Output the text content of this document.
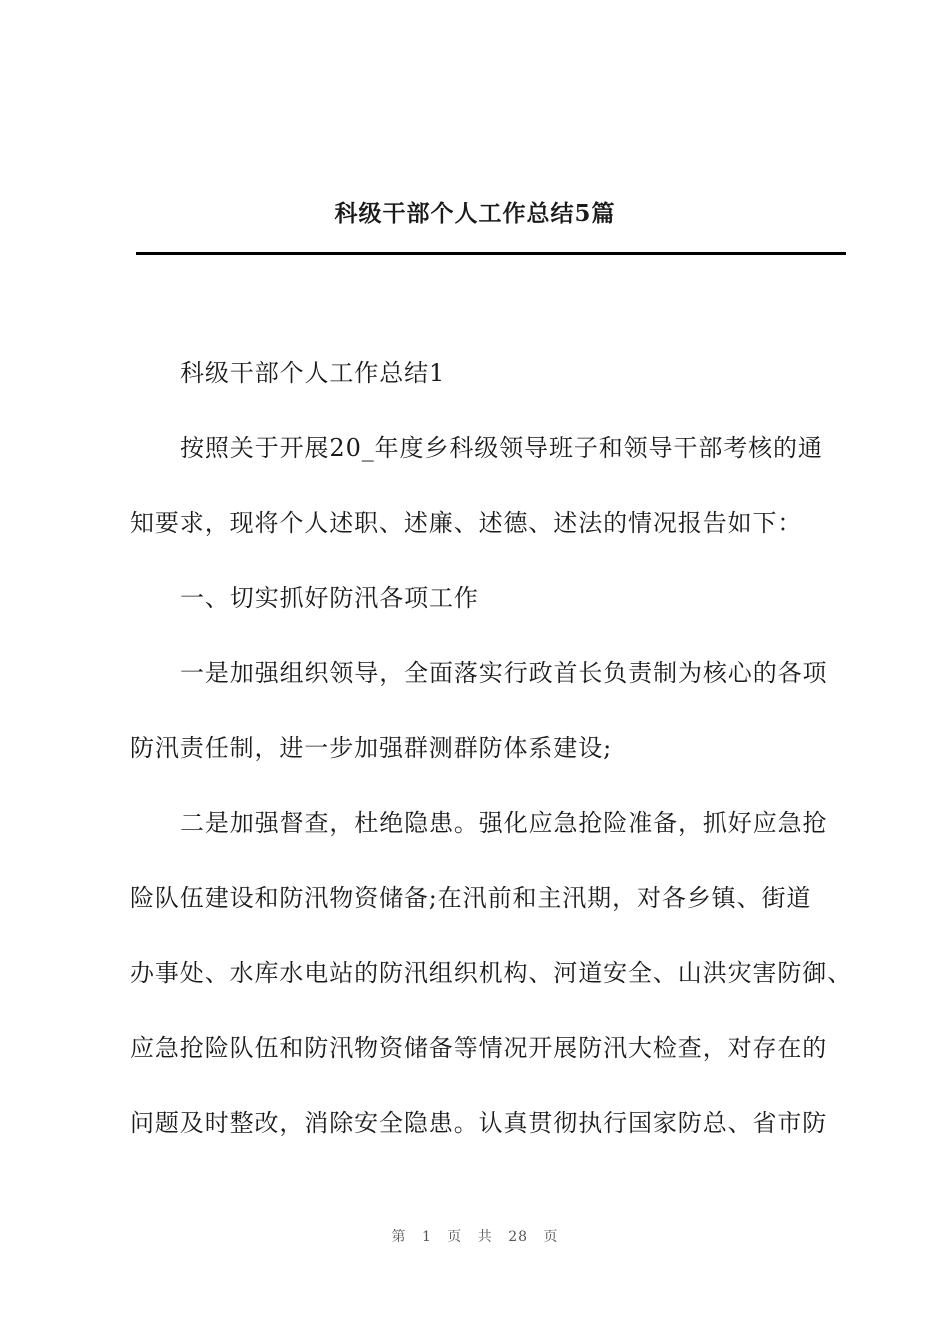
科级干部个人工作总结5篇
科级干部个人工作总结1
按照关于开展20_年度乡科级领导班子和领导干部考核的通
知要求，现将个人述职、述廉、述德、述法的情况报告如下：
一、切实抓好防汛各项工作
一是加强组织领导，全面落实行政首长负责制为核心的各项
防汛责任制，进一步加强群测群防体系建设;
二是加强督查，杜绝隐患。强化应急抢险准备，抓好应急抢
险队伍建设和防汛物资储备;在汛前和主汛期，对各乡镇、街道
办事处、水库水电站的防汛组织机构、河道安全、山洪灾害防御、
应急抢险队伍和防汛物资储备等情况开展防汛大检查，对存在的
问题及时整改，消除安全隐患。认真贯彻执行国家防总、省市防
第 1 页 共 28 页
